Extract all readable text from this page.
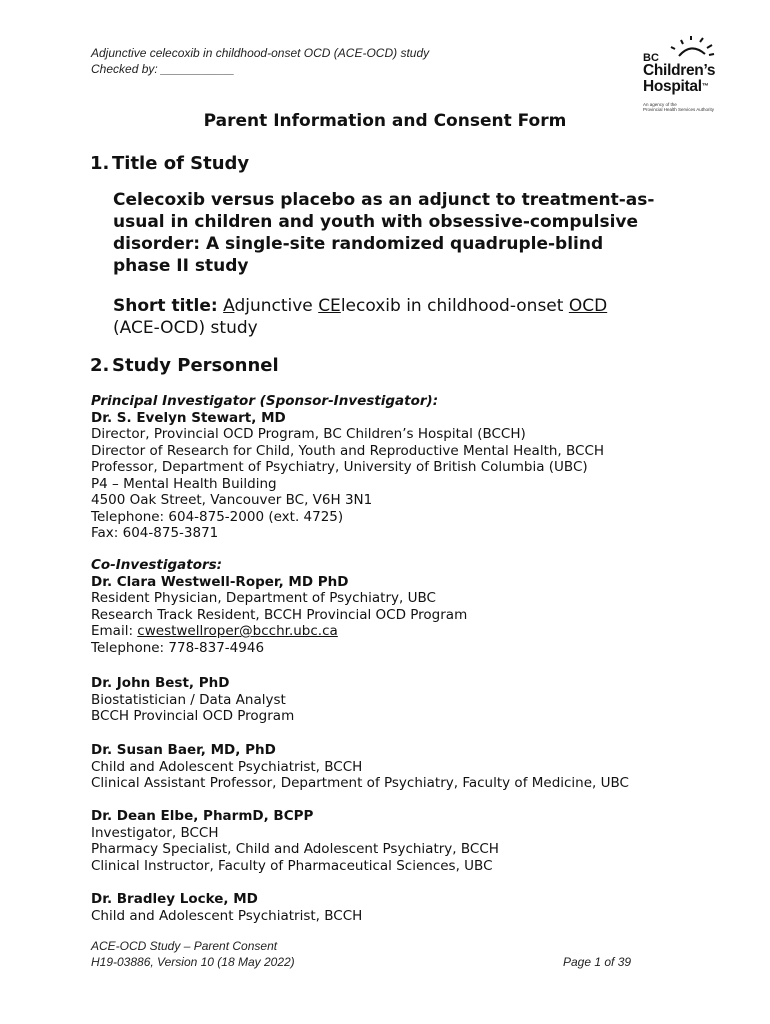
Adjunctive celecoxib in childhood-onset OCD (ACE-OCD) study
Checked by: ___________
BC
Children’s
Hospital™
An agency of the
Provincial Health Services Authority
Parent Information and Consent Form
1. Title of Study
Celecoxib versus placebo as an adjunct to treatment-as-
usual in children and youth with obsessive-compulsive
disorder: A single-site randomized quadruple-blind
phase II study
Short title: Adjunctive CElecoxib in childhood-onset OCD
(ACE-OCD) study
2. Study Personnel
Principal Investigator (Sponsor-Investigator):
Dr. S. Evelyn Stewart, MD
Director, Provincial OCD Program, BC Children’s Hospital (BCCH)
Director of Research for Child, Youth and Reproductive Mental Health, BCCH
Professor, Department of Psychiatry, University of British Columbia (UBC)
P4 – Mental Health Building
4500 Oak Street, Vancouver BC, V6H 3N1
Telephone: 604-875-2000 (ext. 4725)
Fax: 604-875-3871
Co-Investigators:
Dr. Clara Westwell-Roper, MD PhD
Resident Physician, Department of Psychiatry, UBC
Research Track Resident, BCCH Provincial OCD Program
Email: cwestwellroper@bcchr.ubc.ca
Telephone: 778-837-4946
Dr. John Best, PhD
Biostatistician / Data Analyst
BCCH Provincial OCD Program
Dr. Susan Baer, MD, PhD
Child and Adolescent Psychiatrist, BCCH
Clinical Assistant Professor, Department of Psychiatry, Faculty of Medicine, UBC
Dr. Dean Elbe, PharmD, BCPP
Investigator, BCCH
Pharmacy Specialist, Child and Adolescent Psychiatry, BCCH
Clinical Instructor, Faculty of Pharmaceutical Sciences, UBC
Dr. Bradley Locke, MD
Child and Adolescent Psychiatrist, BCCH
ACE-OCD Study – Parent Consent
H19-03886, Version 10 (18 May 2022)	Page 1 of 39
